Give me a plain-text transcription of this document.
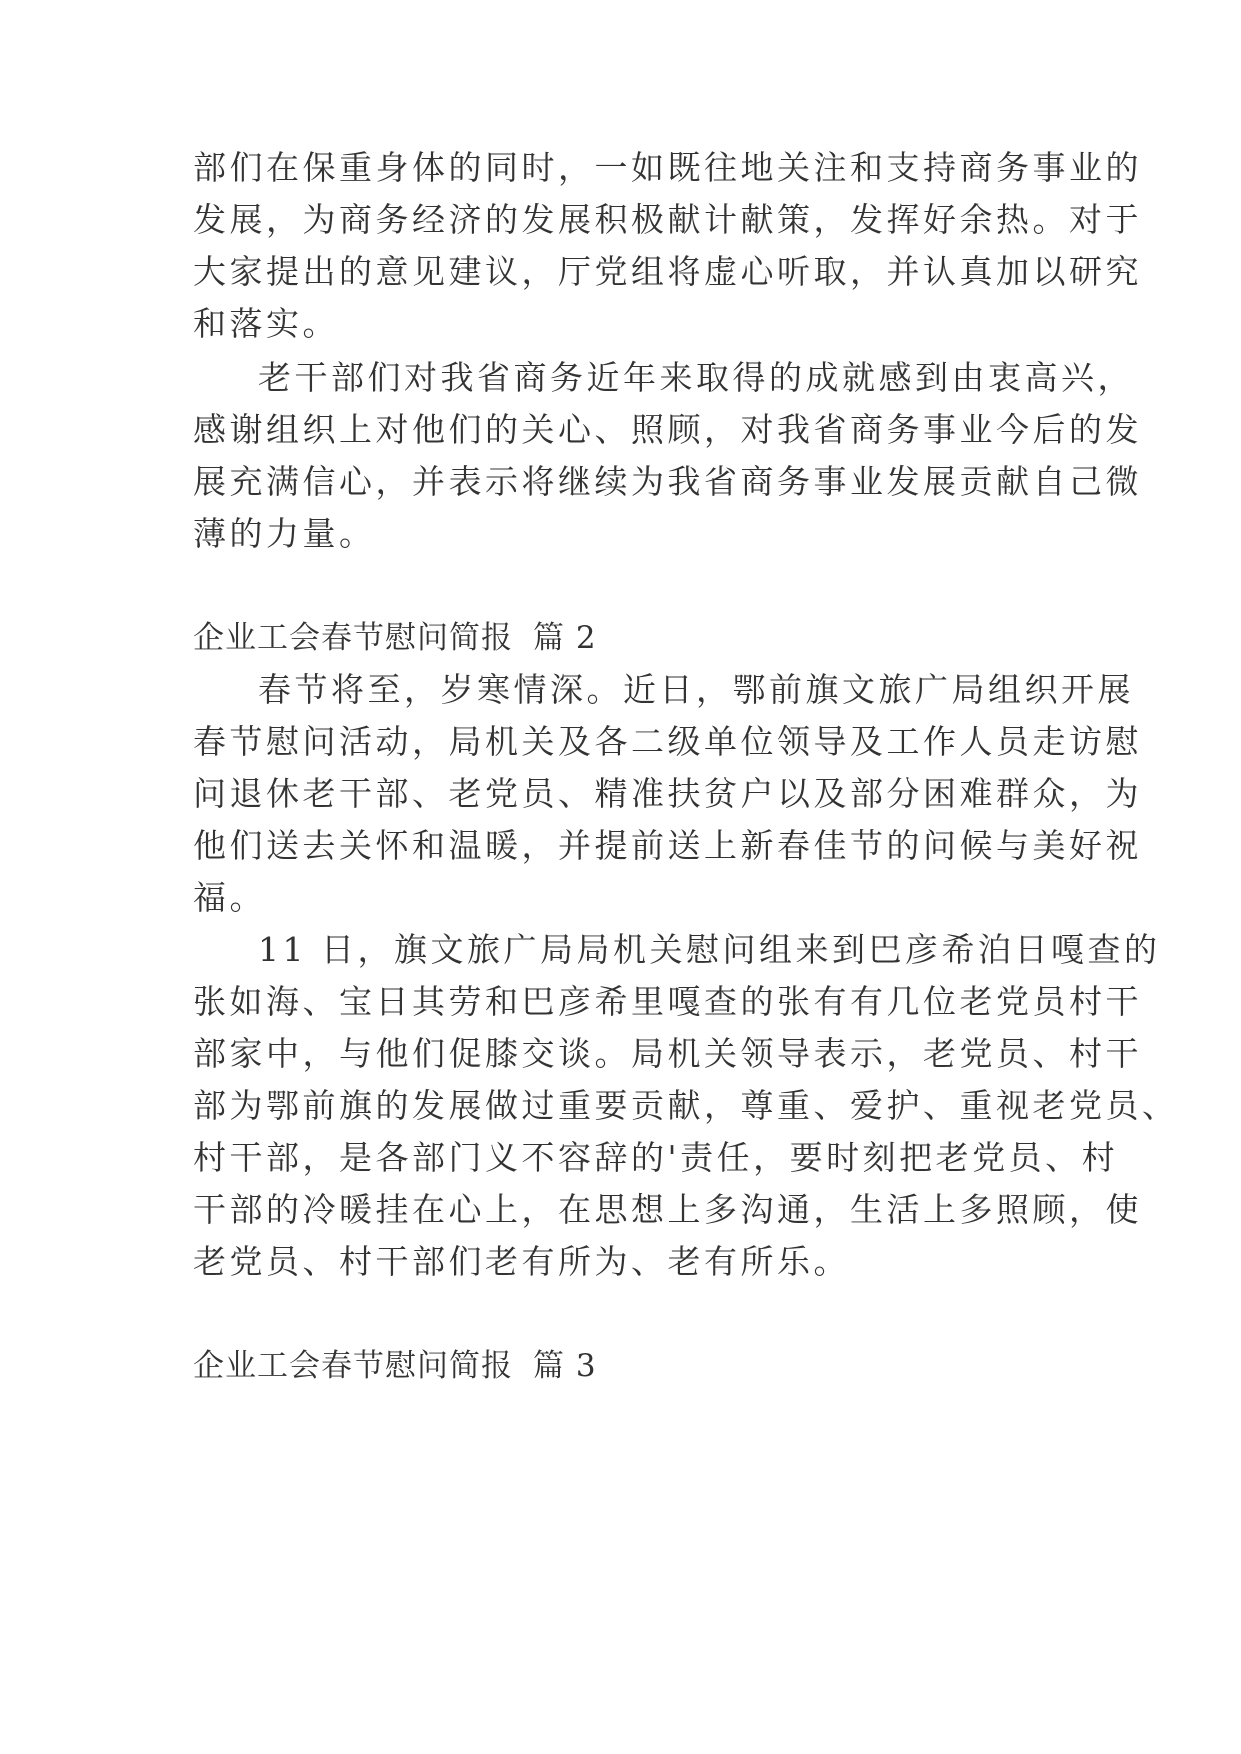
部们在保重身体的同时，一如既往地关注和支持商务事业的
发展，为商务经济的发展积极献计献策，发挥好余热。对于
大家提出的意见建议，厅党组将虚心听取，并认真加以研究
和落实。
老干部们对我省商务近年来取得的成就感到由衷高兴，
感谢组织上对他们的关心、照顾，对我省商务事业今后的发
展充满信心，并表示将继续为我省商务事业发展贡献自己微
薄的力量。
企业工会春节慰问简报 篇 2
春节将至，岁寒情深。近日，鄂前旗文旅广局组织开展
春节慰问活动，局机关及各二级单位领导及工作人员走访慰
问退休老干部、老党员、精准扶贫户以及部分困难群众，为
他们送去关怀和温暖，并提前送上新春佳节的问候与美好祝
福。
11 日，旗文旅广局局机关慰问组来到巴彦希泊日嘎查的
张如海、宝日其劳和巴彦希里嘎查的张有有几位老党员村干
部家中，与他们促膝交谈。局机关领导表示，老党员、村干
部为鄂前旗的发展做过重要贡献，尊重、爱护、重视老党员、
村干部，是各部门义不容辞的'责任，要时刻把老党员、村
干部的冷暖挂在心上，在思想上多沟通，生活上多照顾，使
老党员、村干部们老有所为、老有所乐。
企业工会春节慰问简报 篇 3
